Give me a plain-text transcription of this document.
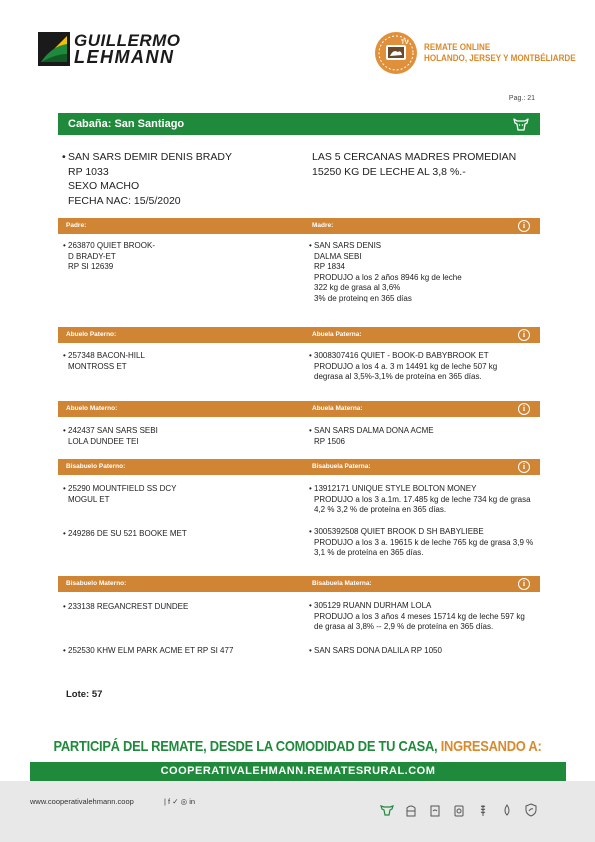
GUILLERMO
LEHMANN
TV REMATE ONLINE
HOLANDO, JERSEY Y MONTBÉLIARDE
Pag.: 21
Cabaña: San Santiago
• SAN SARS DEMIR DENIS BRADY
RP 1033
SEXO MACHO
FECHA NAC: 15/5/2020
LAS 5 CERCANAS MADRES PROMEDIAN
15250 KG DE LECHE AL 3,8 %.-
Padre:	Madre:	i
• 263870 QUIET BROOK-
D BRADY-ET
RP SI 12639
• SAN SARS DENIS
DALMA SEBI
RP 1834
PRODUJO a los 2 años 8946 kg de leche
322 kg de grasa al 3,6%
3% de proteinq en 365 días
Abuelo Paterno:	Abuela Paterna:	i
• 257348 BACON-HILL
MONTROSS ET
• 3008307416 QUIET - BOOK-D BABYBROOK ET
PRODUJO a los 4 a. 3 m 14491 kg de leche 507 kg
degrasa al 3,5%-3,1% de proteína en 365 días.
Abuelo Materno:	Abuela Materna:	i
• 242437 SAN SARS SEBI
LOLA DUNDEE TEI
• SAN SARS DALMA DONA ACME
RP 1506
Bisabuelo Paterno:	Bisabuela Paterna:	i
• 25290 MOUNTFIELD SS DCY
MOGUL ET
• 13912171 UNIQUE STYLE BOLTON MONEY
PRODUJO a los 3 a.1m. 17.485 kg de leche 734 kg de grasa
4,2 % 3,2 % de proteína en 365 días.
• 249286 DE SU 521 BOOKE MET	• 3005392508 QUIET BROOK D SH BABYLIEBE
PRODUJO a los 3 a. 19615 k de leche 765 kg de grasa 3,9 %
3,1 % de proteína en 365 días.
Bisabuelo Materno:	Bisabuela Materna:	i
• 233138 REGANCREST DUNDEE	• 305129 RUANN DURHAM LOLA
PRODUJO a los 3 años 4 meses 15714 kg de leche 597 kg
de grasa al 3,8% -- 2,9 % de proteína en 365 días.
• 252530 KHW ELM PARK ACME ET RP SI 477	• SAN SARS DONA DALILA RP 1050
Lote: 57
PARTICIPÁ DEL REMATE, DESDE LA COMODIDAD DE TU CASA, INGRESANDO A:
COOPERATIVALEHMANN.REMATESRURAL.COM
www.cooperativalehmann.coop	| f ✓ ◎ in
